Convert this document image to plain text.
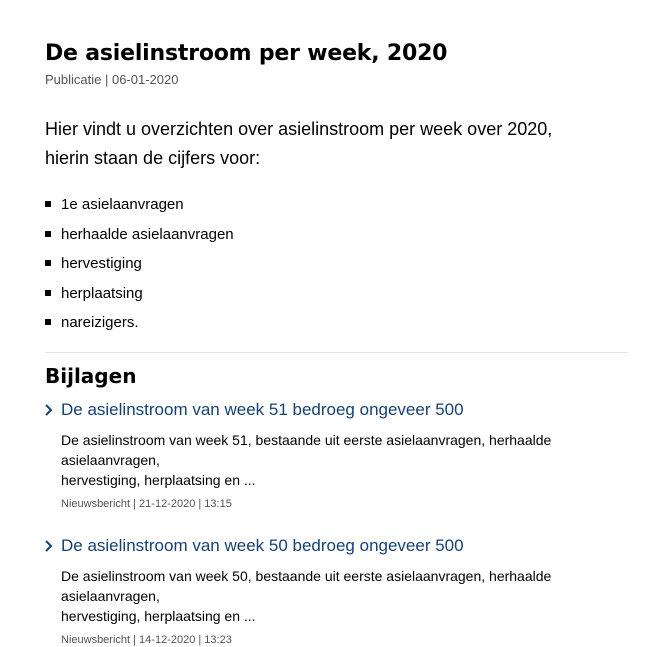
De asielinstroom per week, 2020
Publicatie | 06-01-2020

Hier vindt u overzichten over asielinstroom per week over 2020,
hierin staan de cijfers voor:

1e asielaanvragen
herhaalde asielaanvragen
hervestiging
herplaatsing
nareizigers.
Bijlagen
De asielinstroom van week 51 bedroeg ongeveer 500

De asielinstroom van week 51, bestaande uit eerste asielaanvragen, herhaalde asielaanvragen,
hervestiging, herplaatsing en ...

Nieuwsbericht | 21-12-2020 | 13:15
De asielinstroom van week 50 bedroeg ongeveer 500

De asielinstroom van week 50, bestaande uit eerste asielaanvragen, herhaalde asielaanvragen,
hervestiging, herplaatsing en ...

Nieuwsbericht | 14-12-2020 | 13:23
